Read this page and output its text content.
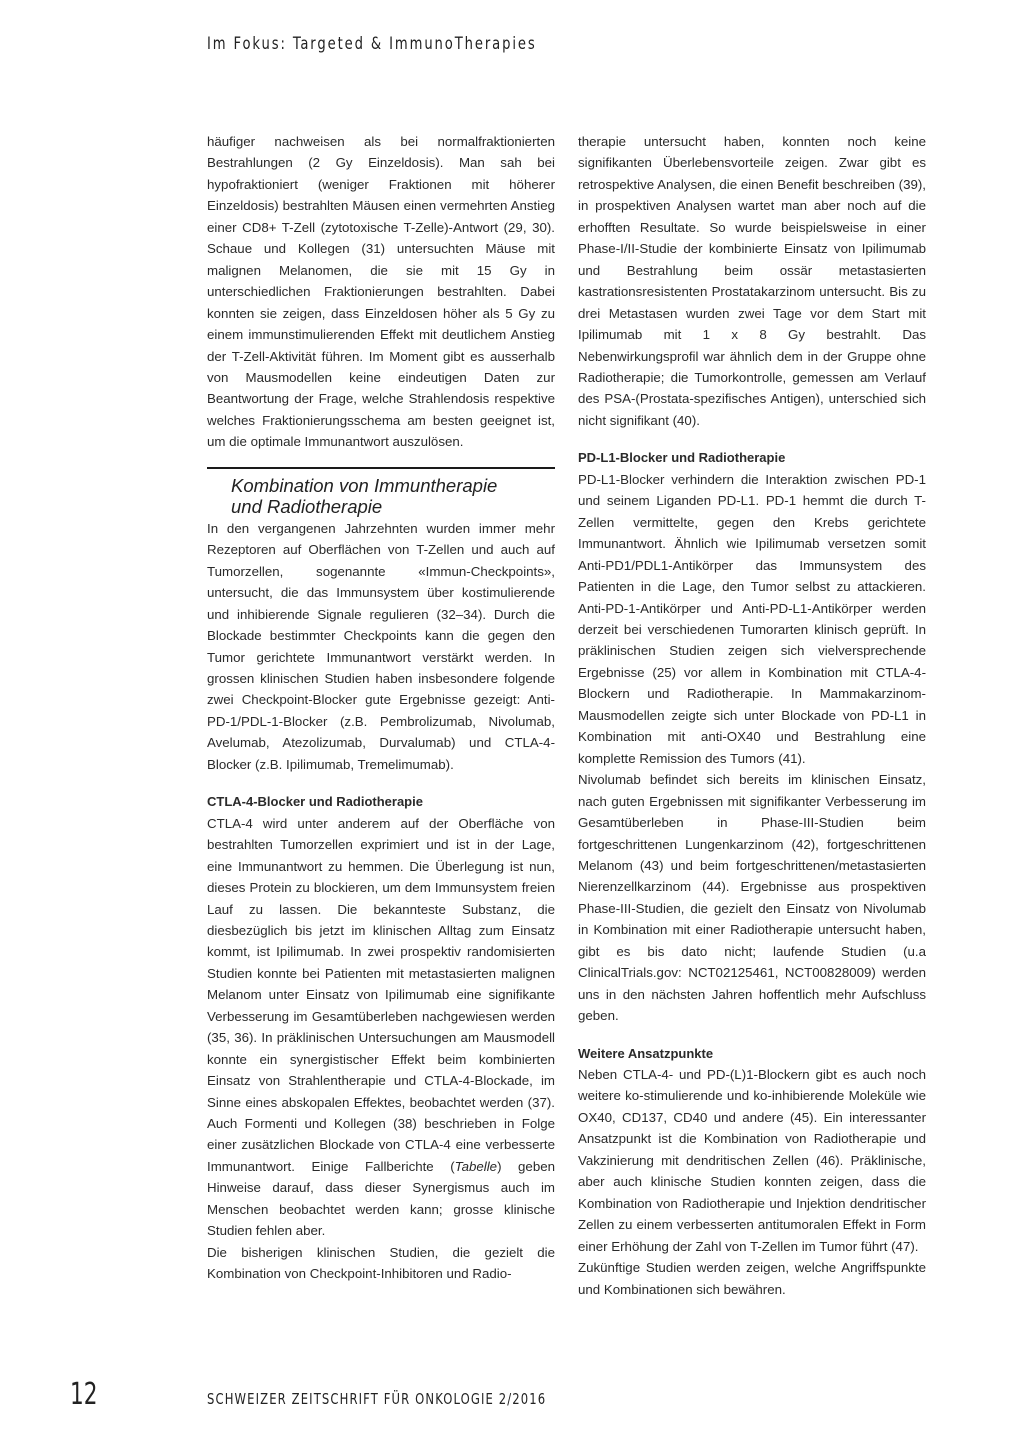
Im Fokus: Targeted & ImmunoTherapies

häufiger nachweisen als bei normalfraktionierten Bestrahlungen (2 Gy Einzeldosis). Man sah bei hypofraktioniert (weniger Fraktionen mit höherer Einzeldosis) bestrahlten Mäusen einen vermehrten Anstieg einer CD8+ T-Zell (zytotoxische T-Zelle)-Antwort (29, 30). Schaue und Kollegen (31) untersuchten Mäuse mit malignen Melanomen, die sie mit 15 Gy in unterschiedlichen Fraktionierungen bestrahlten. Dabei konnten sie zeigen, dass Einzeldosen höher als 5 Gy zu einem immunstimulierenden Effekt mit deutlichem Anstieg der T-Zell-Aktivität führen. Im Moment gibt es ausserhalb von Mausmodellen keine eindeutigen Daten zur Beantwortung der Frage, welche Strahlendosis respektive welches Fraktionierungsschema am besten geeignet ist, um die optimale Immunantwort auszulösen.

Kombination von Immuntherapie
und Radiotherapie

In den vergangenen Jahrzehnten wurden immer mehr Rezeptoren auf Oberflächen von T-Zellen und auch auf Tumorzellen, sogenannte «Immun-Checkpoints», untersucht, die das Immunsystem über kostimulierende und inhibierende Signale regulieren (32–34). Durch die Blockade bestimmter Checkpoints kann die gegen den Tumor gerichtete Immunantwort verstärkt werden. In grossen klinischen Studien haben insbesondere folgende zwei Checkpoint-Blocker gute Ergebnisse gezeigt: Anti-PD-1/PDL-1-Blocker (z.B. Pembrolizumab, Nivolumab, Avelumab, Atezolizumab, Durvalumab) und CTLA-4-Blocker (z.B. Ipilimumab, Tremelimumab).

CTLA-4-Blocker und Radiotherapie

CTLA-4 wird unter anderem auf der Oberfläche von bestrahlten Tumorzellen exprimiert und ist in der Lage, eine Immunantwort zu hemmen. Die Überlegung ist nun, dieses Protein zu blockieren, um dem Immunsystem freien Lauf zu lassen. Die bekannteste Substanz, die diesbezüglich bis jetzt im klinischen Alltag zum Einsatz kommt, ist Ipilimumab. In zwei prospektiv randomisierten Studien konnte bei Patienten mit metastasierten malignen Melanom unter Einsatz von Ipilimumab eine signifikante Verbesserung im Gesamtüberleben nachgewiesen werden (35, 36). In präklinischen Untersuchungen am Mausmodell konnte ein synergistischer Effekt beim kombinierten Einsatz von Strahlentherapie und CTLA-4-Blockade, im Sinne eines abskopalen Effektes, beobachtet werden (37). Auch Formenti und Kollegen (38) beschrieben in Folge einer zusätzlichen Blockade von CTLA-4 eine verbesserte Immunantwort. Einige Fallberichte (Tabelle) geben Hinweise darauf, dass dieser Synergismus auch im Menschen beobachtet werden kann; grosse klinische Studien fehlen aber.

Die bisherigen klinischen Studien, die gezielt die Kombination von Checkpoint-Inhibitoren und Radio-

therapie untersucht haben, konnten noch keine signifikanten Überlebensvorteile zeigen. Zwar gibt es retrospektive Analysen, die einen Benefit beschreiben (39), in prospektiven Analysen wartet man aber noch auf die erhofften Resultate. So wurde beispielsweise in einer Phase-I/II-Studie der kombinierte Einsatz von Ipilimumab und Bestrahlung beim ossär metastasierten kastrationsresistenten Prostatakarzinom untersucht. Bis zu drei Metastasen wurden zwei Tage vor dem Start mit Ipilimumab mit 1 x 8 Gy bestrahlt. Das Nebenwirkungsprofil war ähnlich dem in der Gruppe ohne Radiotherapie; die Tumorkontrolle, gemessen am Verlauf des PSA-(Prostata-spezifisches Antigen), unterschied sich nicht signifikant (40).

PD-L1-Blocker und Radiotherapie

PD-L1-Blocker verhindern die Interaktion zwischen PD-1 und seinem Liganden PD-L1. PD-1 hemmt die durch T-Zellen vermittelte, gegen den Krebs gerichtete Immunantwort. Ähnlich wie Ipilimumab versetzen somit Anti-PD1/PDL1-Antikörper das Immunsystem des Patienten in die Lage, den Tumor selbst zu attackieren. Anti-PD-1-Antikörper und Anti-PD-L1-Antikörper werden derzeit bei verschiedenen Tumorarten klinisch geprüft. In präklinischen Studien zeigen sich vielversprechende Ergebnisse (25) vor allem in Kombination mit CTLA-4-Blockern und Radiotherapie. In Mammakarzinom-Mausmodellen zeigte sich unter Blockade von PD-L1 in Kombination mit anti-OX40 und Bestrahlung eine komplette Remission des Tumors (41).

Nivolumab befindet sich bereits im klinischen Einsatz, nach guten Ergebnissen mit signifikanter Verbesserung im Gesamtüberleben in Phase-III-Studien beim fortgeschrittenen Lungenkarzinom (42), fortgeschrittenen Melanom (43) und beim fortgeschrittenen/metastasierten Nierenzellkarzinom (44). Ergebnisse aus prospektiven Phase-III-Studien, die gezielt den Einsatz von Nivolumab in Kombination mit einer Radiotherapie untersucht haben, gibt es bis dato nicht; laufende Studien (u.a ClinicalTrials.gov: NCT02125461, NCT00828009) werden uns in den nächsten Jahren hoffentlich mehr Aufschluss geben.

Weitere Ansatzpunkte

Neben CTLA-4- und PD-(L)1-Blockern gibt es auch noch weitere ko-stimulierende und ko-inhibierende Moleküle wie OX40, CD137, CD40 und andere (45). Ein interessanter Ansatzpunkt ist die Kombination von Radiotherapie und Vakzinierung mit dendritischen Zellen (46). Präklinische, aber auch klinische Studien konnten zeigen, dass die Kombination von Radiotherapie und Injektion dendritischer Zellen zu einem verbesserten antitumoralen Effekt in Form einer Erhöhung der Zahl von T-Zellen im Tumor führt (47).

Zukünftige Studien werden zeigen, welche Angriffspunkte und Kombinationen sich bewähren.

12	SCHWEIZER ZEITSCHRIFT FÜR ONKOLOGIE 2/2016
